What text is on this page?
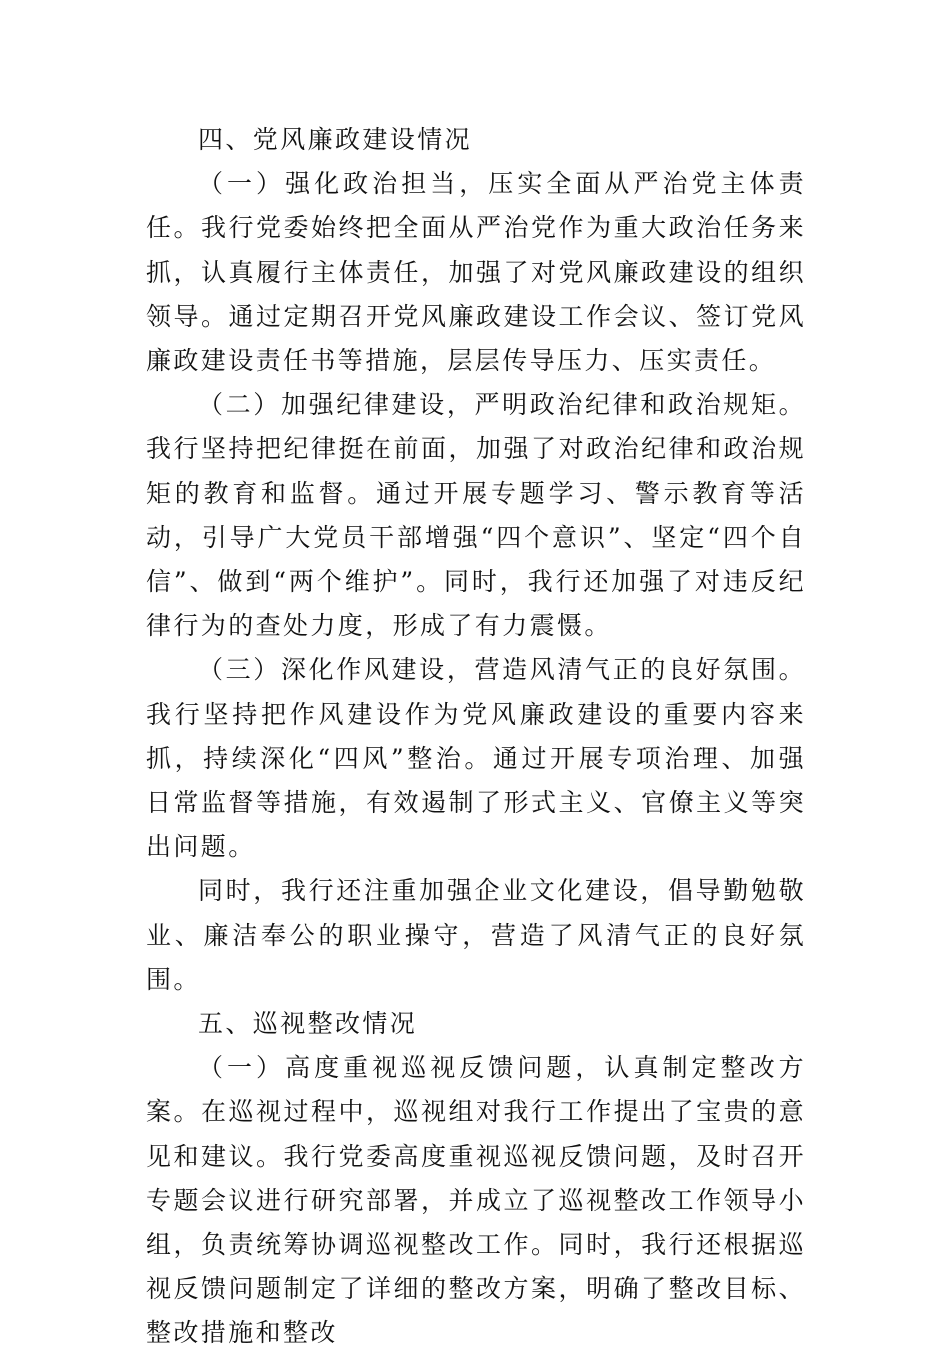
四、党风廉政建设情况

（一）强化政治担当，压实全面从严治党主体责任。我行党委始终把全面从严治党作为重大政治任务来抓，认真履行主体责任，加强了对党风廉政建设的组织领导。通过定期召开党风廉政建设工作会议、签订党风廉政建设责任书等措施，层层传导压力、压实责任。

（二）加强纪律建设，严明政治纪律和政治规矩。我行坚持把纪律挺在前面，加强了对政治纪律和政治规矩的教育和监督。通过开展专题学习、警示教育等活动，引导广大党员干部增强“四个意识”、坚定“四个自信”、做到“两个维护”。同时，我行还加强了对违反纪律行为的查处力度，形成了有力震慑。

（三）深化作风建设，营造风清气正的良好氛围。我行坚持把作风建设作为党风廉政建设的重要内容来抓，持续深化“四风”整治。通过开展专项治理、加强日常监督等措施，有效遏制了形式主义、官僚主义等突出问题。

同时，我行还注重加强企业文化建设，倡导勤勉敬业、廉洁奉公的职业操守，营造了风清气正的良好氛围。

五、巡视整改情况

（一）高度重视巡视反馈问题，认真制定整改方案。在巡视过程中，巡视组对我行工作提出了宝贵的意见和建议。我行党委高度重视巡视反馈问题，及时召开专题会议进行研究部署，并成立了巡视整改工作领导小组，负责统筹协调巡视整改工作。同时，我行还根据巡视反馈问题制定了详细的整改方案，明确了整改目标、整改措施和整改
